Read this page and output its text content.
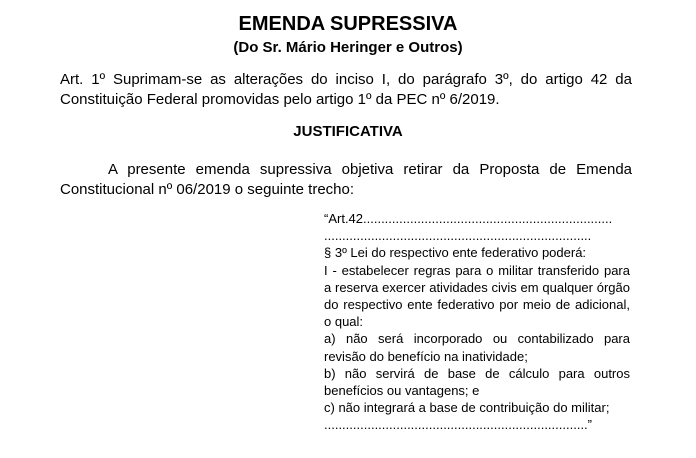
EMENDA SUPRESSIVA
(Do Sr. Mário Heringer e Outros)
Art. 1º Suprimam-se as alterações do inciso I, do parágrafo 3º, do artigo 42 da Constituição Federal promovidas pelo artigo 1º da PEC nº 6/2019.
JUSTIFICATIVA
A presente emenda supressiva objetiva retirar da Proposta de Emenda Constitucional nº 06/2019 o seguinte trecho:

“Art.42.....................................................................

..........................................................................

§ 3º Lei do respectivo ente federativo poderá:

I - estabelecer regras para o militar transferido para a reserva exercer atividades civis em qualquer órgão do respectivo ente federativo por meio de adicional, o qual:

a) não será incorporado ou contabilizado para revisão do benefício na inatividade;

b) não servirá de base de cálculo para outros benefícios ou vantagens; e

c) não integrará a base de contribuição do militar;

.........................................................................”
